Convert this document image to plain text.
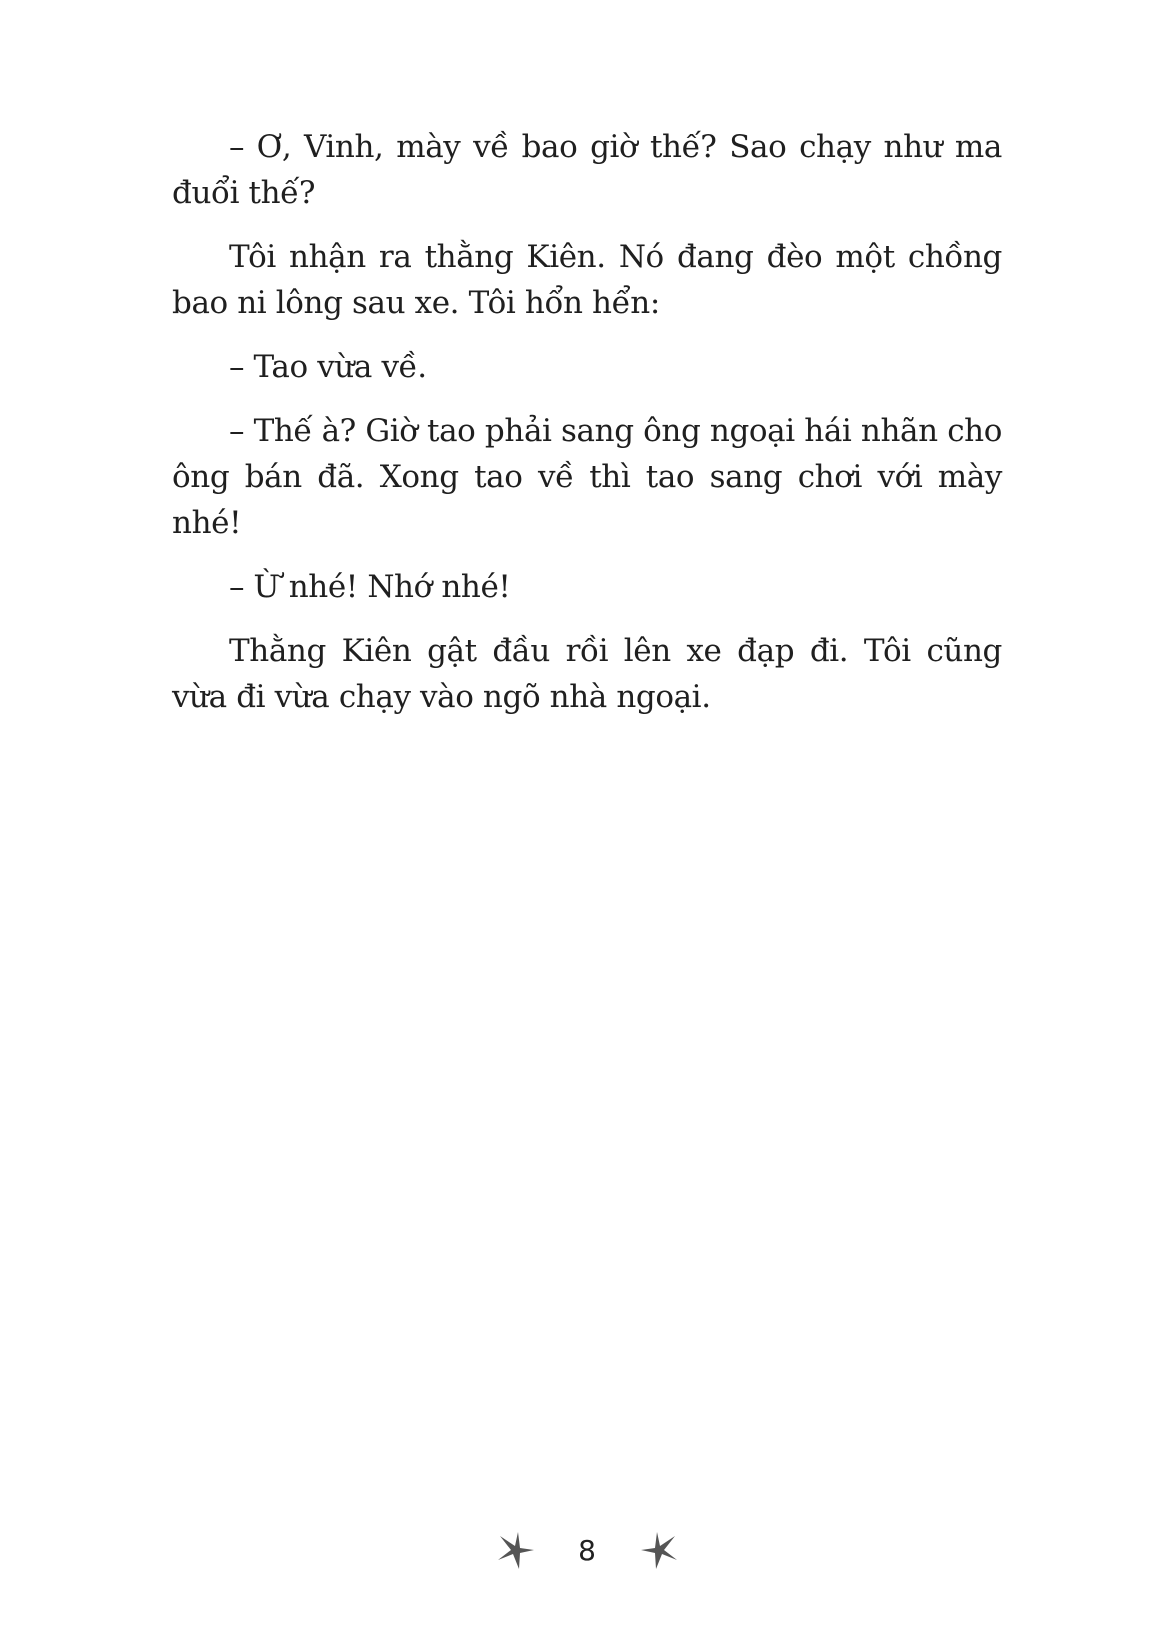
– Ơ, Vinh, mày về bao giờ thế? Sao chạy như ma đuổi thế?

Tôi nhận ra thằng Kiên. Nó đang đèo một chồng bao ni lông sau xe. Tôi hổn hển:

– Tao vừa về.

– Thế à? Giờ tao phải sang ông ngoại hái nhãn cho ông bán đã. Xong tao về thì tao sang chơi với mày nhé!

– Ừ nhé! Nhớ nhé!

Thằng Kiên gật đầu rồi lên xe đạp đi. Tôi cũng vừa đi vừa chạy vào ngõ nhà ngoại.

8
